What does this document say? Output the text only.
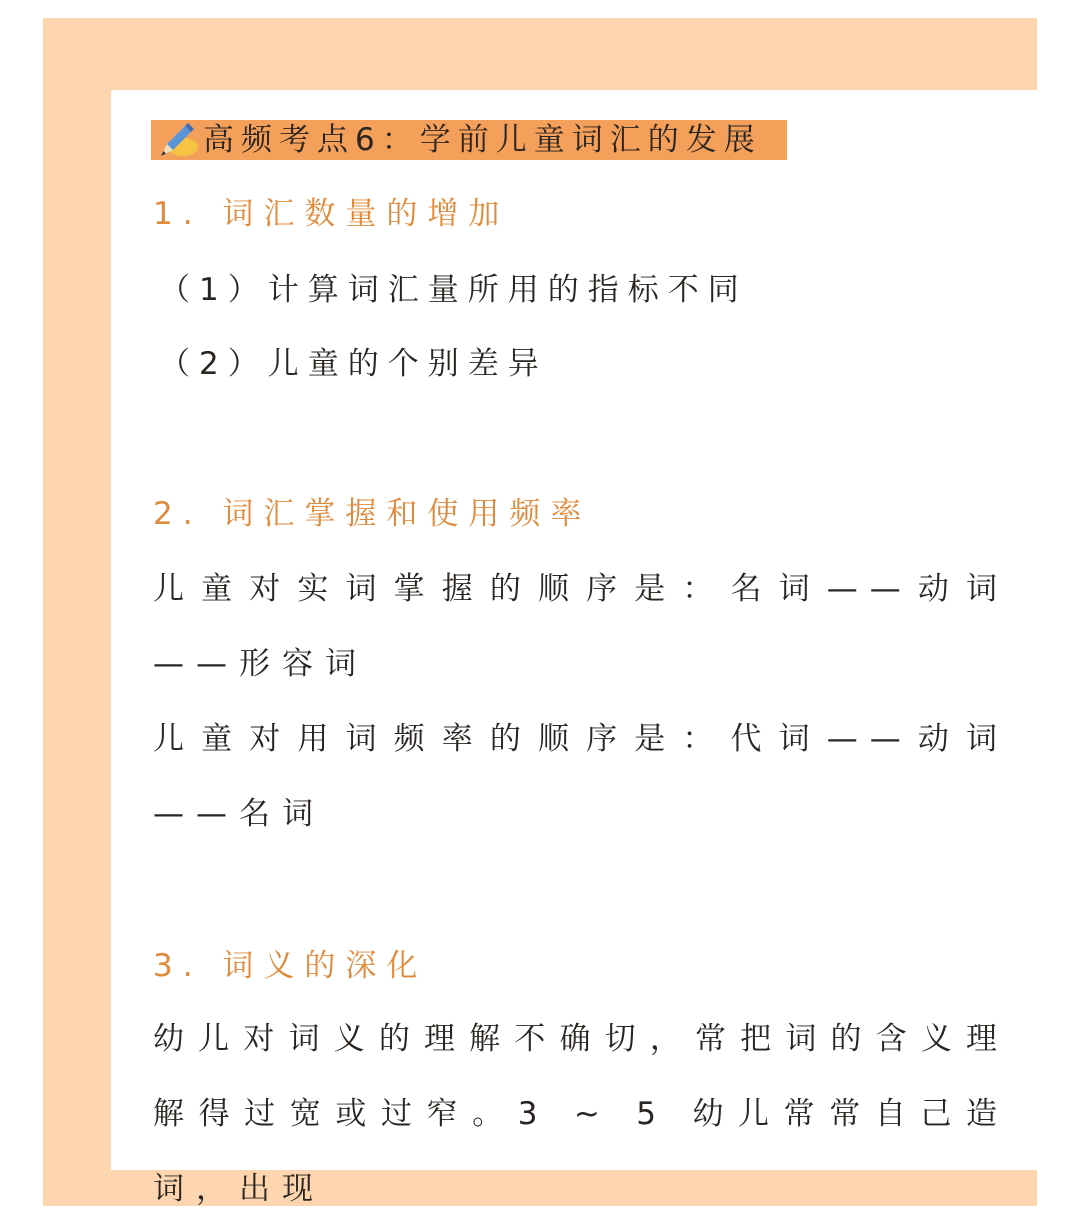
高频考点6：学前儿童词汇的发展
1. 词汇数量的增加
（1）计算词汇量所用的指标不同
（2）儿童的个别差异
2. 词汇掌握和使用频率
儿童对实词掌握的顺序是：名词——动词——形容词
儿童对用词频率的顺序是：代词——动词——名词
3. 词义的深化
幼儿对词义的理解不确切，常把词的含义理解得过宽或过窄。3 ~ 5 幼儿常常自己造词，出现
